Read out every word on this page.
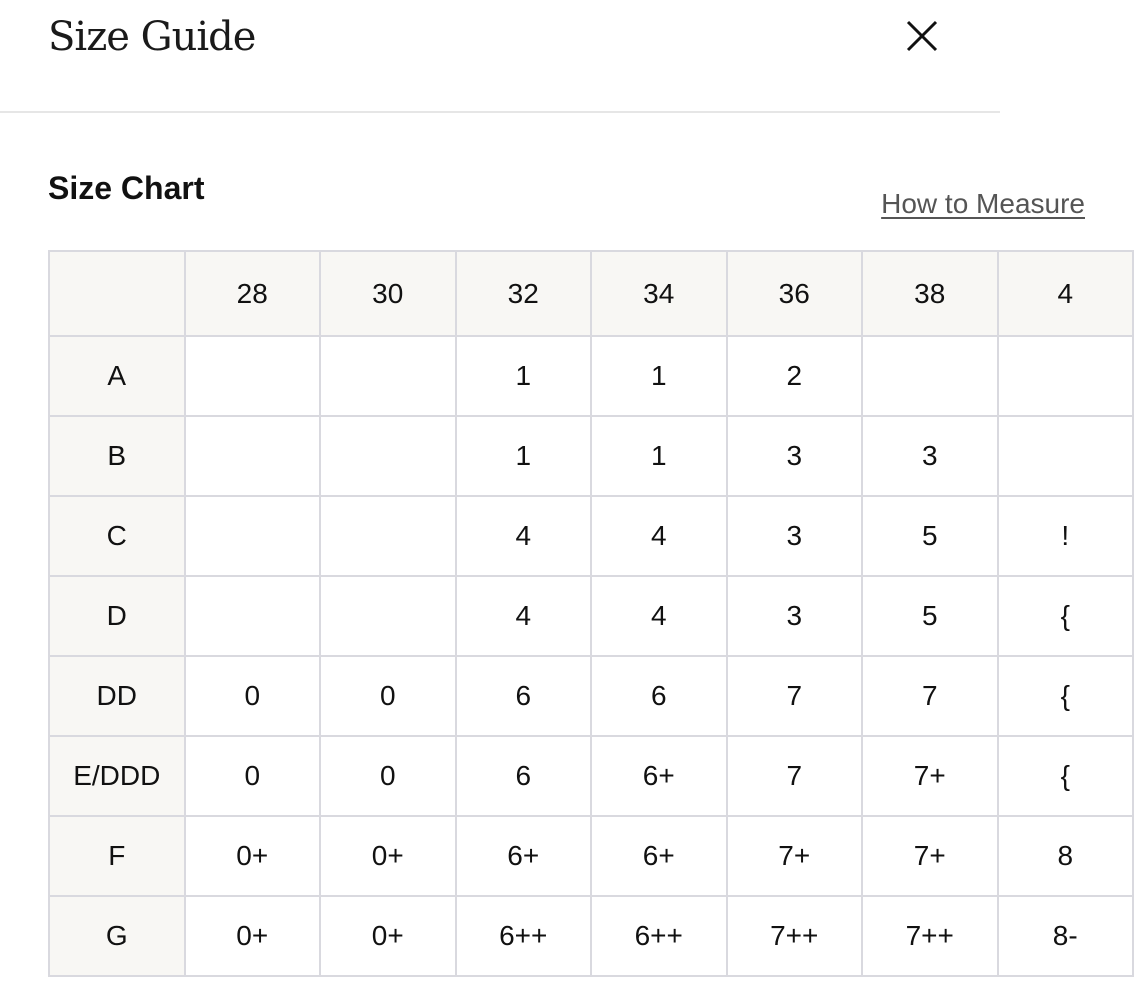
Size Guide
Size Chart	How to Measure
	28	30	32	34	36	38	4
A			1	1	2		
B			1	1	3	3	
C			4	4	3	5	!
D			4	4	3	5	{
DD	0	0	6	6	7	7	{
E/DDD	0	0	6	6+	7	7+	{
F	0+	0+	6+	6+	7+	7+	8
G	0+	0+	6++	6++	7++	7++	8-
